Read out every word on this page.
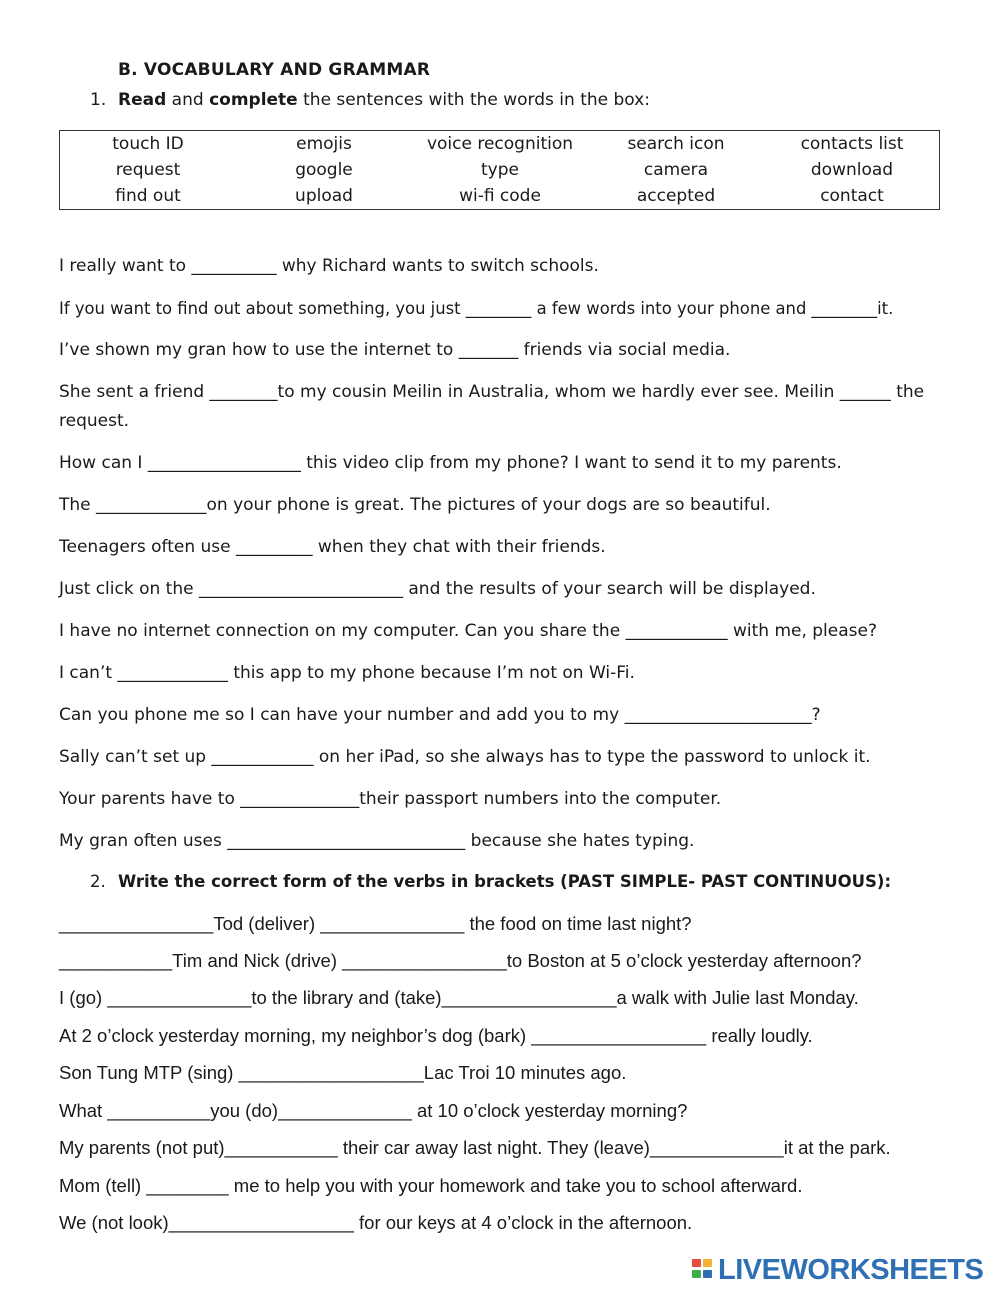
B. VOCABULARY AND GRAMMAR
1. Read and complete the sentences with the words in the box:
touch ID	emojis	voice recognition	search icon	contacts list
request	google	type	camera	download
find out	upload	wi-fi code	accepted	contact
I really want to __________ why Richard wants to switch schools.
If you want to find out about something, you just ________ a few words into your phone and ________it.
I’ve shown my gran how to use the internet to _______ friends via social media.
She sent a friend ________to my cousin Meilin in Australia, whom we hardly ever see. Meilin ______ the request.
How can I __________________ this video clip from my phone? I want to send it to my parents.
The _____________on your phone is great. The pictures of your dogs are so beautiful.
Teenagers often use _________ when they chat with their friends.
Just click on the ________________________ and the results of your search will be displayed.
I have no internet connection on my computer. Can you share the ____________ with me, please?
I can’t _____________ this app to my phone because I’m not on Wi-Fi.
Can you phone me so I can have your number and add you to my ______________________?
Sally can’t set up ____________ on her iPad, so she always has to type the password to unlock it.
Your parents have to ______________their passport numbers into the computer.
My gran often uses ____________________________ because she hates typing.
2. Write the correct form of the verbs in brackets (PAST SIMPLE- PAST CONTINUOUS):
_______________Tod (deliver) ______________ the food on time last night?
___________Tim and Nick (drive) ________________to Boston at 5 o’clock yesterday afternoon?
I (go) ______________to the library and (take)_________________a walk with Julie last Monday.
At 2 o’clock yesterday morning, my neighbor’s dog (bark) _________________ really loudly.
Son Tung MTP (sing) __________________Lac Troi 10 minutes ago.
What __________you (do)_____________ at 10 o’clock yesterday morning?
My parents (not put)___________ their car away last night. They (leave)_____________it at the park.
Mom (tell) ________ me to help you with your homework and take you to school afterward.
We (not look)__________________ for our keys at 4 o’clock in the afternoon.
LIVEWORKSHEETS
